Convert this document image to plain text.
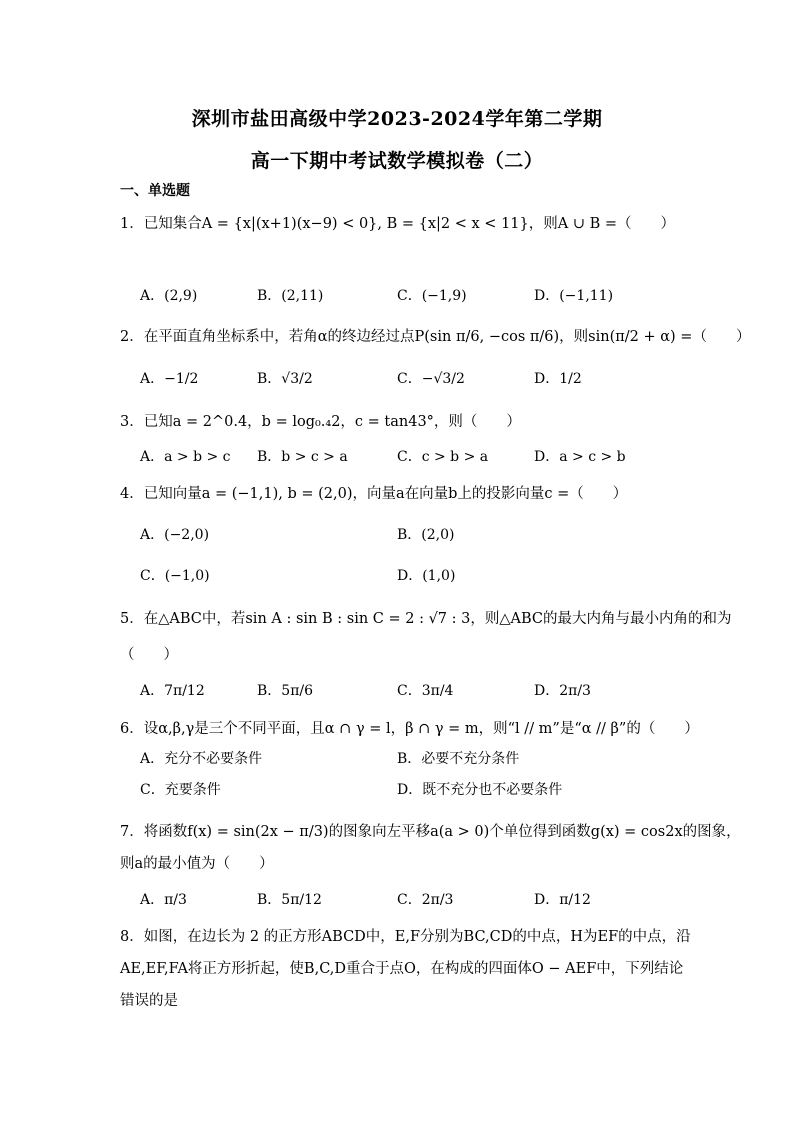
深圳市盐田高级中学2023-2024学年第二学期
高一下期中考试数学模拟卷（二）
一、单选题
1．已知集合A = {x|(x+1)(x−9) < 0}, B = {x|2 < x < 11}，则A ∪ B =（　　）
A．(2,9)	B．(2,11)	C．(−1,9)	D．(−1,11)
2．在平面直角坐标系中，若角α的终边经过点P(sin π/6, −cos π/6)，则sin(π/2 + α) =（　　）
A．−1/2	B．√3/2	C．−√3/2	D．1/2
3．已知a = 2^0.4，b = log₀.₄2，c = tan43°，则（　　）
A．a > b > c B．b > c > a	C．c > b > a	D．a > c > b
4．已知向量a = (−1,1), b = (2,0)，向量a在向量b上的投影向量c =（　　）
A．(−2,0)	B．(2,0)
C．(−1,0)	D．(1,0)
5．在△ABC中，若sin A : sin B : sin C = 2 : √7 : 3，则△ABC的最大内角与最小内角的和为
（　　）
A．7π/12	B．5π/6	C．3π/4	D．2π/3
6．设α,β,γ是三个不同平面，且α ∩ γ = l，β ∩ γ = m，则“l // m”是“α // β”的（　　）
A．充分不必要条件	B．必要不充分条件
C．充要条件	D．既不充分也不必要条件
7．将函数f(x) = sin(2x − π/3)的图象向左平移a(a > 0)个单位得到函数g(x) = cos2x的图象，
则a的最小值为（　　）
A．π/3	B．5π/12	C．2π/3	D．π/12
8．如图，在边长为 2 的正方形ABCD中，E,F分别为BC,CD的中点，H为EF的中点，沿
AE,EF,FA将正方形折起，使B,C,D重合于点O，在构成的四面体O − AEF中，下列结论
错误的是
